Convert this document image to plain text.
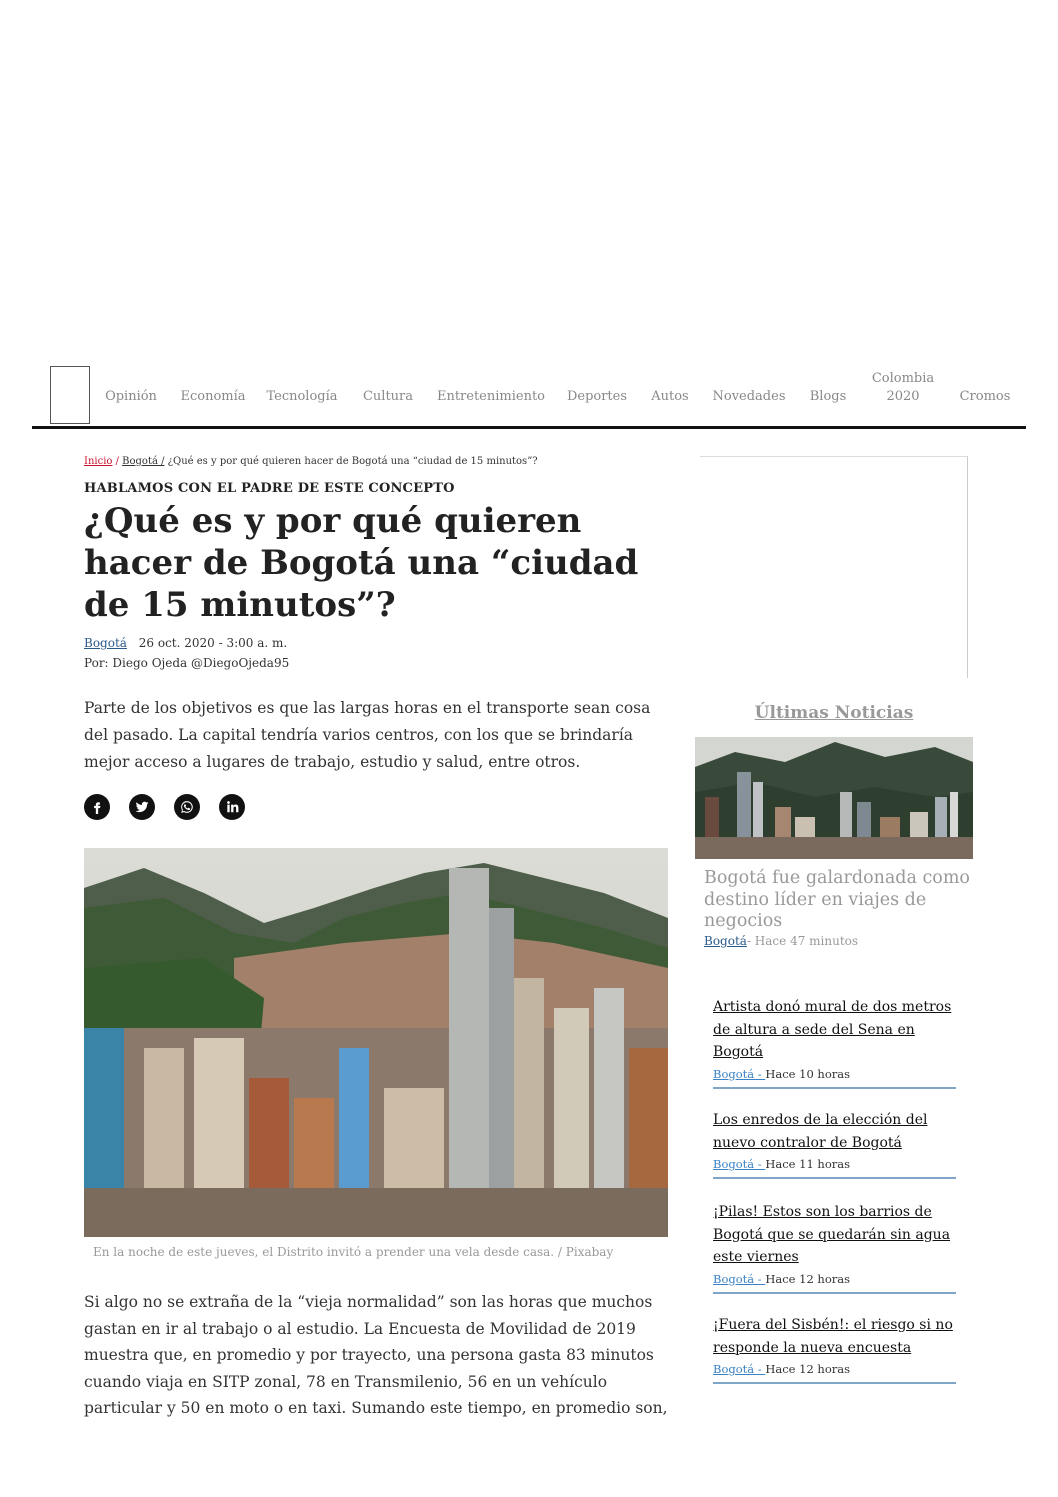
Opinión	Economía	Tecnología	Cultura	Entretenimiento	Deportes	Autos	Novedades	Blogs
Colombia 2020	Cromos
Inicio / Bogotá / ¿Qué es y por qué quieren hacer de Bogotá una “ciudad de 15 minutos”?
HABLAMOS CON EL PADRE DE ESTE CONCEPTO
¿Qué es y por qué quieren hacer de Bogotá una “ciudad de 15 minutos”?
Bogotá 26 oct. 2020 - 3:00 a. m.
Por: Diego Ojeda @DiegoOjeda95

Parte de los objetivos es que las largas horas en el transporte sean cosa del pasado. La capital tendría varios centros, con los que se brindaría mejor acceso a lugares de trabajo, estudio y salud, entre otros.

En la noche de este jueves, el Distrito invitó a prender una vela desde casa. / Pixabay

Si algo no se extraña de la “vieja normalidad” son las horas que muchos gastan en ir al trabajo o al estudio. La Encuesta de Movilidad de 2019 muestra que, en promedio y por trayecto, una persona gasta 83 minutos cuando viaja en SITP zonal, 78 en Transmilenio, 56 en un vehículo particular y 50 en moto o en taxi. Sumando este tiempo, en promedio son,

Últimas Noticias
Bogotá fue galardonada como destino líder en viajes de negocios
Bogotá- Hace 47 minutos
Artista donó mural de dos metros de altura a sede del Sena en Bogotá
Bogotá - Hace 10 horas
Los enredos de la elección del nuevo contralor de Bogotá
Bogotá - Hace 11 horas
¡Pilas! Estos son los barrios de Bogotá que se quedarán sin agua este viernes
Bogotá - Hace 12 horas
¡Fuera del Sisbén!: el riesgo si no responde la nueva encuesta
Bogotá - Hace 12 horas
